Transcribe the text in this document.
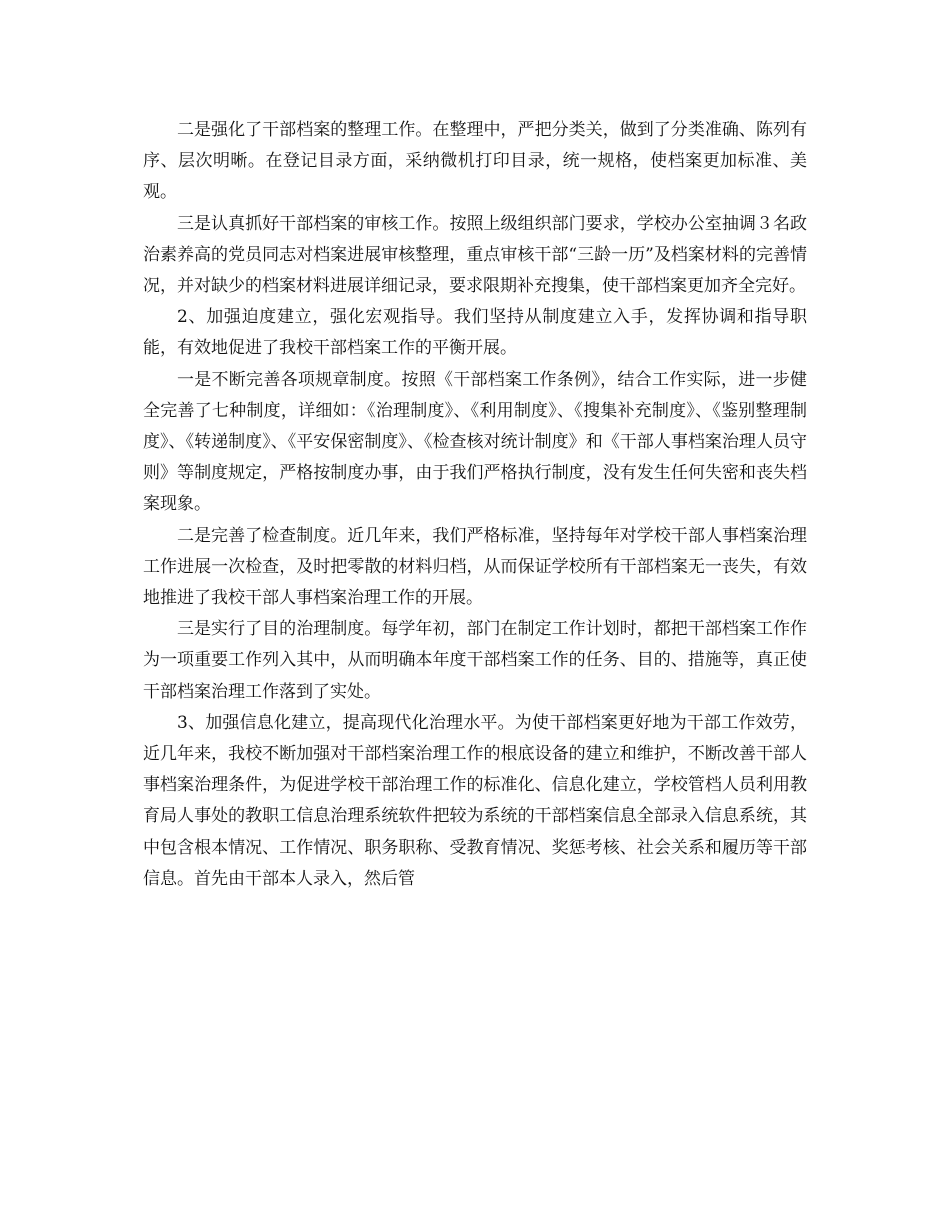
二是强化了干部档案的整理工作。在整理中，严把分类关，做到了分类准确、陈列有序、层次明晰。在登记目录方面，采纳微机打印目录，统一规格，使档案更加标准、美观。

三是认真抓好干部档案的审核工作。按照上级组织部门要求，学校办公室抽调３名政治素养高的党员同志对档案进展审核整理，重点审核干部“三龄一历”及档案材料的完善情况，并对缺少的档案材料进展详细记录，要求限期补充搜集，使干部档案更加齐全完好。

2、加强迫度建立，强化宏观指导。我们坚持从制度建立入手，发挥协调和指导职能，有效地促进了我校干部档案工作的平衡开展。

一是不断完善各项规章制度。按照《干部档案工作条例》，结合工作实际，进一步健全完善了七种制度，详细如：《治理制度》、《利用制度》、《搜集补充制度》、《鉴别整理制度》、《转递制度》、《平安保密制度》、《检查核对统计制度》和《干部人事档案治理人员守则》等制度规定，严格按制度办事，由于我们严格执行制度，没有发生任何失密和丧失档案现象。

二是完善了检查制度。近几年来，我们严格标准，坚持每年对学校干部人事档案治理工作进展一次检查，及时把零散的材料归档，从而保证学校所有干部档案无一丧失，有效地推进了我校干部人事档案治理工作的开展。

三是实行了目的治理制度。每学年初，部门在制定工作计划时，都把干部档案工作作为一项重要工作列入其中，从而明确本年度干部档案工作的任务、目的、措施等，真正使干部档案治理工作落到了实处。

3、加强信息化建立，提高现代化治理水平。为使干部档案更好地为干部工作效劳，近几年来，我校不断加强对干部档案治理工作的根底设备的建立和维护，不断改善干部人事档案治理条件，为促进学校干部治理工作的标准化、信息化建立，学校管档人员利用教育局人事处的教职工信息治理系统软件把较为系统的干部档案信息全部录入信息系统，其中包含根本情况、工作情况、职务职称、受教育情况、奖惩考核、社会关系和履历等干部信息。首先由干部本人录入，然后管
